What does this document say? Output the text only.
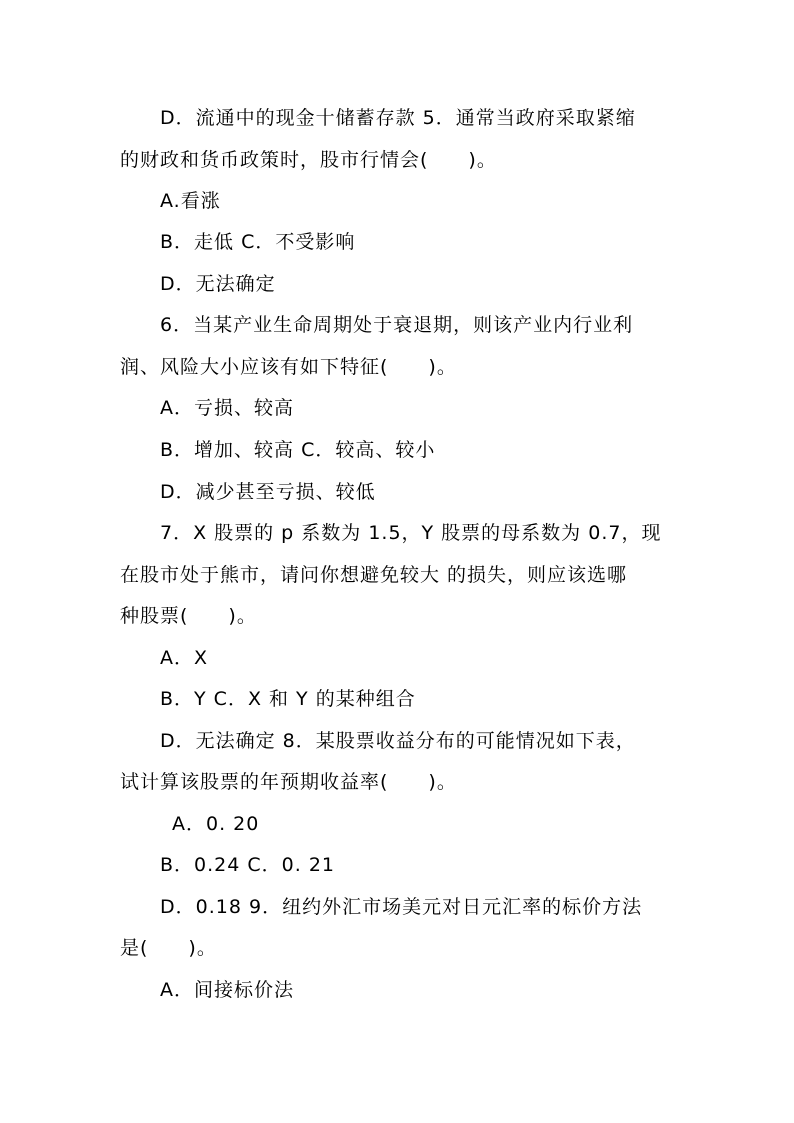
D．流通中的现金十储蓄存款 5．通常当政府采取紧缩
的财政和货币政策时，股市行情会(　　)。
A.看涨
B．走低 C．不受影响
D．无法确定
6．当某产业生命周期处于衰退期，则该产业内行业利
润、风险大小应该有如下特征(　　)。
A．亏损、较高
B．增加、较高 C．较高、较小
D．减少甚至亏损、较低
7．X 股票的 p 系数为 1.5，Y 股票的母系数为 0.7，现
在股市处于熊市，请问你想避免较大 的损失，则应该选哪
种股票(　　)。
A．X
B．Y C．X 和 Y 的某种组合
D．无法确定 8．某股票收益分布的可能情况如下表，
试计算该股票的年预期收益率(　　)。
A．0. 20
B．0.24 C．0. 21
D．0.18 9．纽约外汇市场美元对日元汇率的标价方法
是(　　)。
A．间接标价法
